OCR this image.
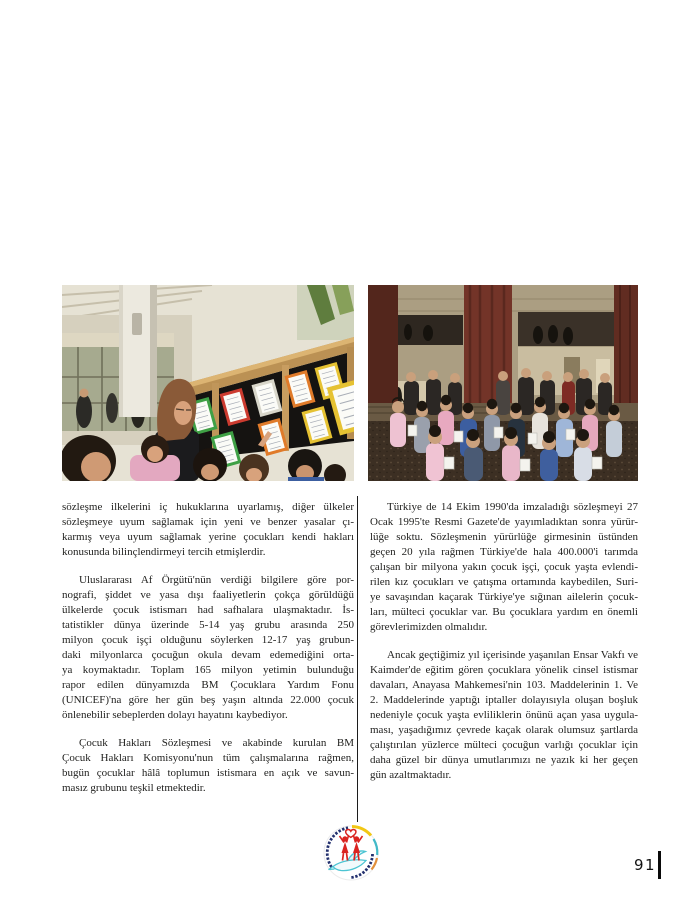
sözleşme ilkelerini iç hukuklarına uyarlamış, diğer ülkeler
sözleşmeye uyum sağlamak için yeni ve benzer yasalar çı-
karmış veya uyum sağlamak yerine çocukları kendi hakları
konusunda bilinçlendirmeyi tercih etmişlerdir.

Uluslararası Af Örgütü'nün verdiği bilgilere göre por-
nografi, şiddet ve yasa dışı faaliyetlerin çokça görüldüğü
ülkelerde çocuk istismarı had safhalara ulaşmaktadır. İs-
tatistikler dünya üzerinde 5-14 yaş grubu arasında 250
milyon çocuk işçi olduğunu söylerken 12-17 yaş grubun-
daki milyonlarca çocuğun okula devam edemediğini orta-
ya koymaktadır. Toplam 165 milyon yetimin bulunduğu
rapor edilen dünyamızda BM Çocuklara Yardım Fonu
(UNICEF)'na göre her gün beş yaşın altında 22.000 çocuk
önlenebilir sebeplerden dolayı hayatını kaybediyor.

Çocuk Hakları Sözleşmesi ve akabinde kurulan BM
Çocuk Hakları Komisyonu'nun tüm çalışmalarına rağmen,
bugün çocuklar hâlâ toplumun istismara en açık ve savun-
masız grubunu teşkil etmektedir.

Türkiye de 14 Ekim 1990'da imzaladığı sözleşmeyi 27
Ocak 1995'te Resmi Gazete'de yayımladıktan sonra yürür-
lüğe soktu. Sözleşmenin yürürlüğe girmesinin üstünden
geçen 20 yıla rağmen Türkiye'de hala 400.000'i tarımda
çalışan bir milyona yakın çocuk işçi, çocuk yaşta evlendi-
rilen kız çocukları ve çatışma ortamında kaybedilen, Suri-
ye savaşından kaçarak Türkiye'ye sığınan ailelerin çocuk-
ları, mülteci çocuklar var. Bu çocuklara yardım en önemli
görevlerimizden olmalıdır.

Ancak geçtiğimiz yıl içerisinde yaşanılan Ensar Vakfı ve
Kaimder'de eğitim gören çocuklara yönelik cinsel istismar
davaları, Anayasa Mahkemesi'nin 103. Maddelerinin 1. Ve
2. Maddelerinde yaptığı iptaller dolayısıyla oluşan boşluk
nedeniyle çocuk yaşta evliliklerin önünü açan yasa uygula-
ması, yaşadığımız çevrede kaçak olarak olumsuz şartlarda
çalıştırılan yüzlerce mülteci çocuğun varlığı çocuklar için
daha güzel bir dünya umutlarımızı ne yazık ki her geçen
gün azaltmaktadır.

91
